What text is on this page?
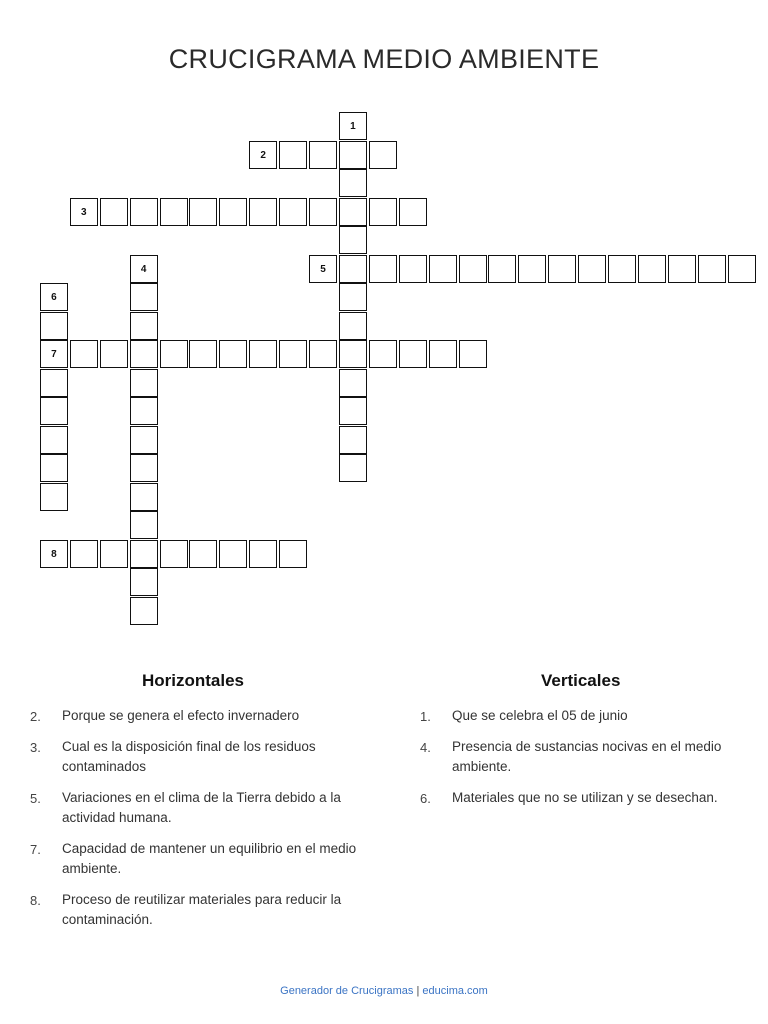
CRUCIGRAMA MEDIO AMBIENTE
1
2
3
4	5
6
7
8
Horizontales	Verticales
2. Porque se genera el efecto invernadero
3. Cual es la disposición final de los residuos contaminados
5. Variaciones en el clima de la Tierra debido a la actividad humana.
7. Capacidad de mantener un equilibrio en el medio ambiente.
8. Proceso de reutilizar materiales para reducir la contaminación.
1. Que se celebra el 05 de junio
4. Presencia de sustancias nocivas en el medio ambiente.
6. Materiales que no se utilizan y se desechan.
Generador de Crucigramas | educima.com
